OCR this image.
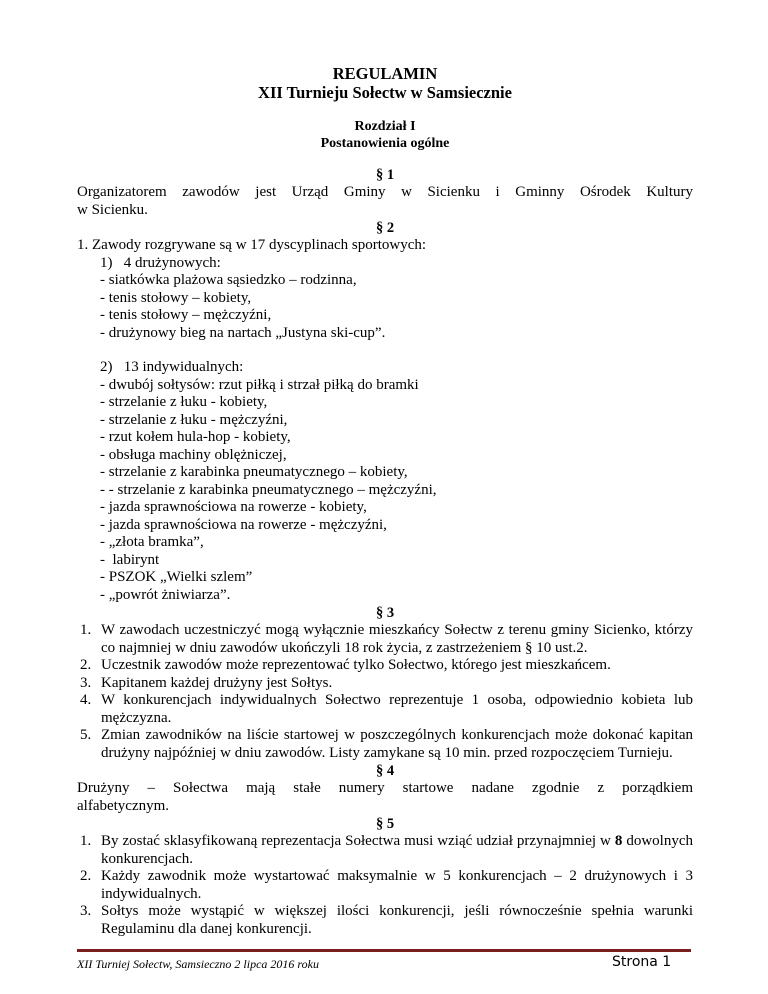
REGULAMIN
XII Turnieju Sołectw w Samsiecznie
Rozdział I
Postanowienia ogólne
§ 1
Organizatorem zawodów jest Urząd Gminy w Sicienku i Gminny Ośrodek Kultury
w Sicienku.
§ 2
1. Zawody rozgrywane są w 17 dyscyplinach sportowych:
1)   4 drużynowych:
- siatkówka plażowa sąsiedzko – rodzinna,
- tenis stołowy – kobiety,
- tenis stołowy – mężczyźni,
- drużynowy bieg na nartach „Justyna ski-cup”.
2)   13 indywidualnych:
- dwubój sołtysów: rzut piłką i strzał piłką do bramki
- strzelanie z łuku - kobiety,
- strzelanie z łuku - mężczyźni,
- rzut kołem hula-hop - kobiety,
- obsługa machiny oblężniczej,
- strzelanie z karabinka pneumatycznego – kobiety,
- - strzelanie z karabinka pneumatycznego – mężczyźni,
- jazda sprawnościowa na rowerze - kobiety,
- jazda sprawnościowa na rowerze - mężczyźni,
- „złota bramka”,
-  labirynt
- PSZOK „Wielki szlem”
- „powrót żniwiarza”.
§ 3
1. W zawodach uczestniczyć mogą wyłącznie mieszkańcy Sołectw z terenu gminy Sicienko, którzy co najmniej w dniu zawodów ukończyli 18 rok życia, z zastrzeżeniem § 10 ust.2.
2. Uczestnik zawodów może reprezentować tylko Sołectwo, którego jest mieszkańcem.
3. Kapitanem każdej drużyny jest Sołtys.
4. W konkurencjach indywidualnych Sołectwo reprezentuje 1 osoba, odpowiednio kobieta lub mężczyzna.
5. Zmian zawodników na liście startowej w poszczególnych konkurencjach może dokonać kapitan drużyny najpóźniej w dniu zawodów. Listy zamykane są 10 min. przed rozpoczęciem Turnieju.
§ 4
Drużyny – Sołectwa mają stałe numery startowe nadane zgodnie z porządkiem
alfabetycznym.
§ 5
1. By zostać sklasyfikowaną reprezentacja Sołectwa musi wziąć udział przynajmniej w 8 dowolnych konkurencjach.
2. Każdy zawodnik może wystartować maksymalnie w 5 konkurencjach – 2 drużynowych i 3 indywidualnych.
3. Sołtys może wystąpić w większej ilości konkurencji, jeśli równocześnie spełnia warunki Regulaminu dla danej konkurencji.
XII Turniej Sołectw, Samsieczno 2 lipca 2016 roku	Strona 1
